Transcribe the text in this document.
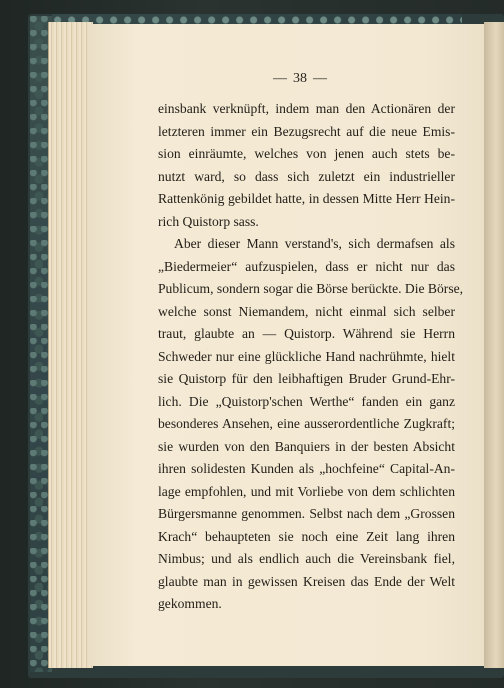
— 38 —
einsbank verknüpft, indem man den Actionären der
letzteren immer ein Bezugsrecht auf die neue Emis-
sion einräumte, welches von jenen auch stets be-
nutzt ward, so dass sich zuletzt ein industrieller
Rattenkönig gebildet hatte, in dessen Mitte Herr Hein-
rich Quistorp sass.
Aber dieser Mann verstand's, sich dermafsen als
„Biedermeier“ aufzuspielen, dass er nicht nur das
Publicum, sondern sogar die Börse berückte. Die Börse,
welche sonst Niemandem, nicht einmal sich selber
traut, glaubte an — Quistorp. Während sie Herrn
Schweder nur eine glückliche Hand nachrühmte, hielt
sie Quistorp für den leibhaftigen Bruder Grund-Ehr-
lich. Die „Quistorp'schen Werthe“ fanden ein ganz
besonderes Ansehen, eine ausserordentliche Zugkraft;
sie wurden von den Banquiers in der besten Absicht
ihren solidesten Kunden als „hochfeine“ Capital-An-
lage empfohlen, und mit Vorliebe von dem schlichten
Bürgersmanne genommen. Selbst nach dem „Grossen
Krach“ behaupteten sie noch eine Zeit lang ihren
Nimbus; und als endlich auch die Vereinsbank fiel,
glaubte man in gewissen Kreisen das Ende der Welt
gekommen.
